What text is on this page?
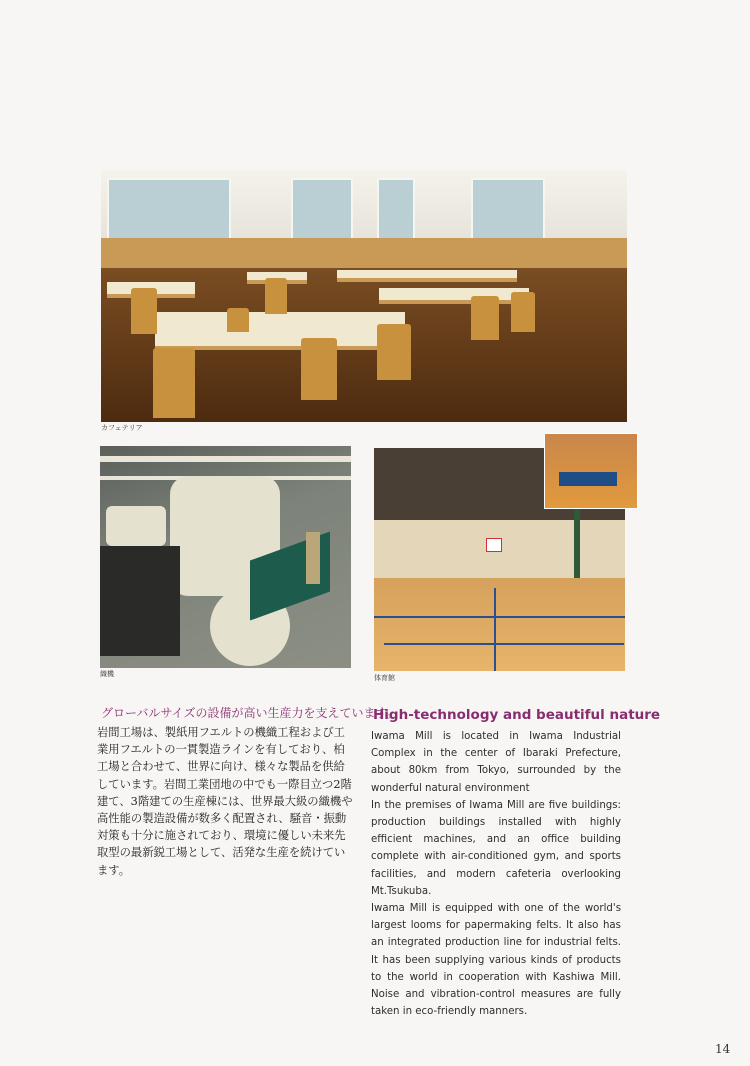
カフェテリア
織機	体育館
グローバルサイズの設備が高い生産力を支えています。
岩間工場は、製紙用フエルトの機織工程および工業用フエルトの一貫製造ラインを有しており、柏工場と合わせて、世界に向け、様々な製品を供給しています。岩間工業団地の中でも一際目立つ2階建て、3階建ての生産棟には、世界最大級の織機や高性能の製造設備が数多く配置され、騒音・振動対策も十分に施されており、環境に優しい未来先取型の最新鋭工場として、活発な生産を続けています。
High-technology and beautiful nature

Iwama Mill is located in Iwama Industrial Complex in the center of Ibaraki Prefecture, about 80km from Tokyo, surrounded by the wonderful natural environment

In the premises of Iwama Mill are five buildings: production buildings installed with highly efficient machines, and an office building complete with air-conditioned gym, and sports facilities, and modern cafeteria overlooking Mt.Tsukuba.

Iwama Mill is equipped with one of the world's largest looms for papermaking felts. It also has an integrated production line for industrial felts. It has been supplying various kinds of products to the world in cooperation with Kashiwa Mill. Noise and vibration-control measures are fully taken in eco-friendly manners.

14
